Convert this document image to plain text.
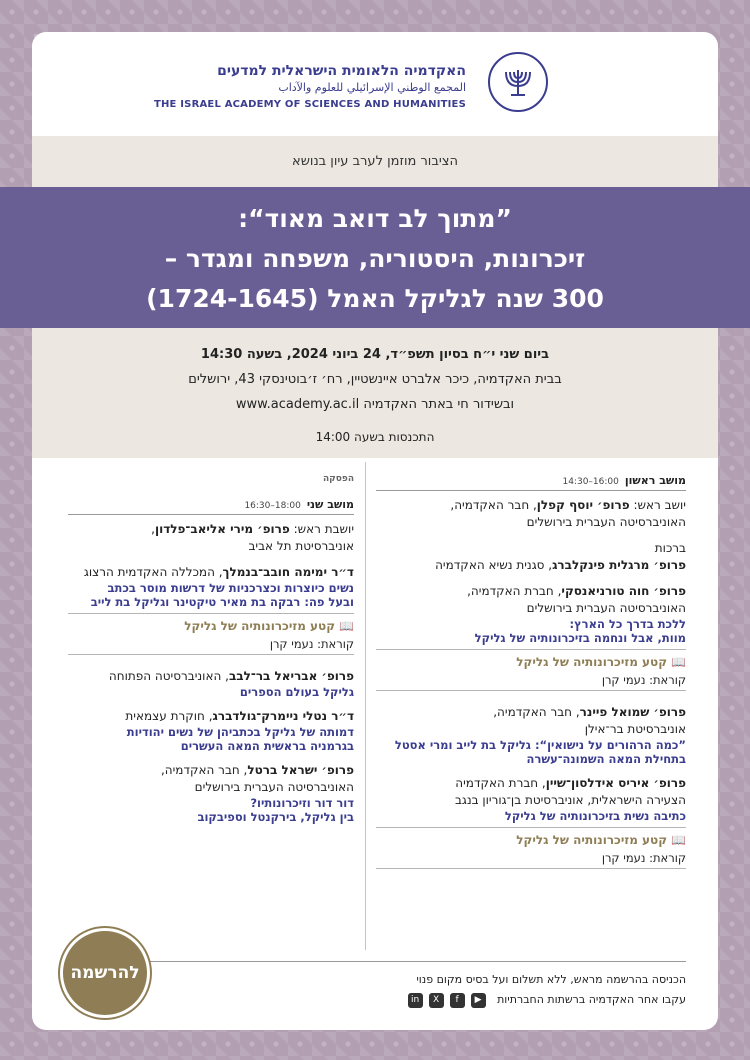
האקדמיה הלאומית הישראלית למדעים
المجمع الوطني الإسرائيلي للعلوم والآداب
THE ISRAEL ACADEMY OF SCIENCES AND HUMANITIES
הציבור מוזמן לערב עיון בנושא
ביום שני י״ח בסיון תשפ״ד, 24 ביוני 2024, בשעה 14:30
בבית האקדמיה, כיכר אלברט איינשטיין, רח׳ ז׳בוטינסקי 43, ירושלים
ובשידור חי באתר האקדמיה www.academy.ac.il
התכנסות בשעה 14:00
מושב ראשון16:00–14:30
יושב ראש: פרופ׳ יוסף קפלן, חבר האקדמיה,
האוניברסיטה העברית בירושלים
ברכות
פרופ׳ מרגלית פינקלברג, סגנית נשיא האקדמיה
פרופ׳ חוה טורניאנסקי, חברת האקדמיה,
האוניברסיטה העברית בירושלים
ללכת בדרך כל הארץ:
מוות, אבל ונחמה בזיכרונותיה של גליקל
📖קטע מזיכרונותיה של גליקל
קוראת: נעמי קרן
פרופ׳ שמואל פיינר, חבר האקדמיה,
אוניברסיטת בר־אילן
”כמה הרהורים על נישואין“: גליקל בת לייב ומרי אסטל
בתחילת המאה השמונה־עשרה
פרופ׳ איריס אידלסון־שיין, חברת האקדמיה
הצעירה הישראלית, אוניברסיטת בן־גוריון בנגב
כתיבה נשית בזיכרונותיה של גליקל
📖קטע מזיכרונותיה של גליקל
קוראת: נעמי קרן
הפסקה
מושב שני18:00–16:30
יושבת ראש: פרופ׳ מירי אליאב־פלדון,
אוניברסיטת תל אביב
ד״ר ימימה חובב־בנמלך, המכללה האקדמית הרצוג
נשים כיוצרות וכצרכניות של דרשות מוסר בכתב
ובעל פה: רבקה בת מאיר טיקטינר וגליקל בת לייב
📖קטע מזיכרונותיה של גליקל
קוראת: נעמי קרן
פרופ׳ אבריאל בר־לבב, האוניברסיטה הפתוחה
גליקל בעולם הספרים
ד״ר נטלי ניימרק־גולדברג, חוקרת עצמאית
דמותה של גליקל בכתביהן של נשים יהודיות
בגרמניה בראשית המאה העשרים
פרופ׳ ישראל ברטל, חבר האקדמיה,
האוניברסיטה העברית בירושלים
דור דור וזיכרונותיו?
בין גליקל, בירקנטל וספיבקוב
הכניסה בהרשמה מראש, ללא תשלום ועל בסיס מקום פנוי
עקבו אחר האקדמיה ברשתות החברתיות
▶
f
X
in
להרשמה
”מתוך לב דואב מאוד“:
זיכרונות, היסטוריה, משפחה ומגדר –
300 שנה לגליקל האמל (1724-1645)
